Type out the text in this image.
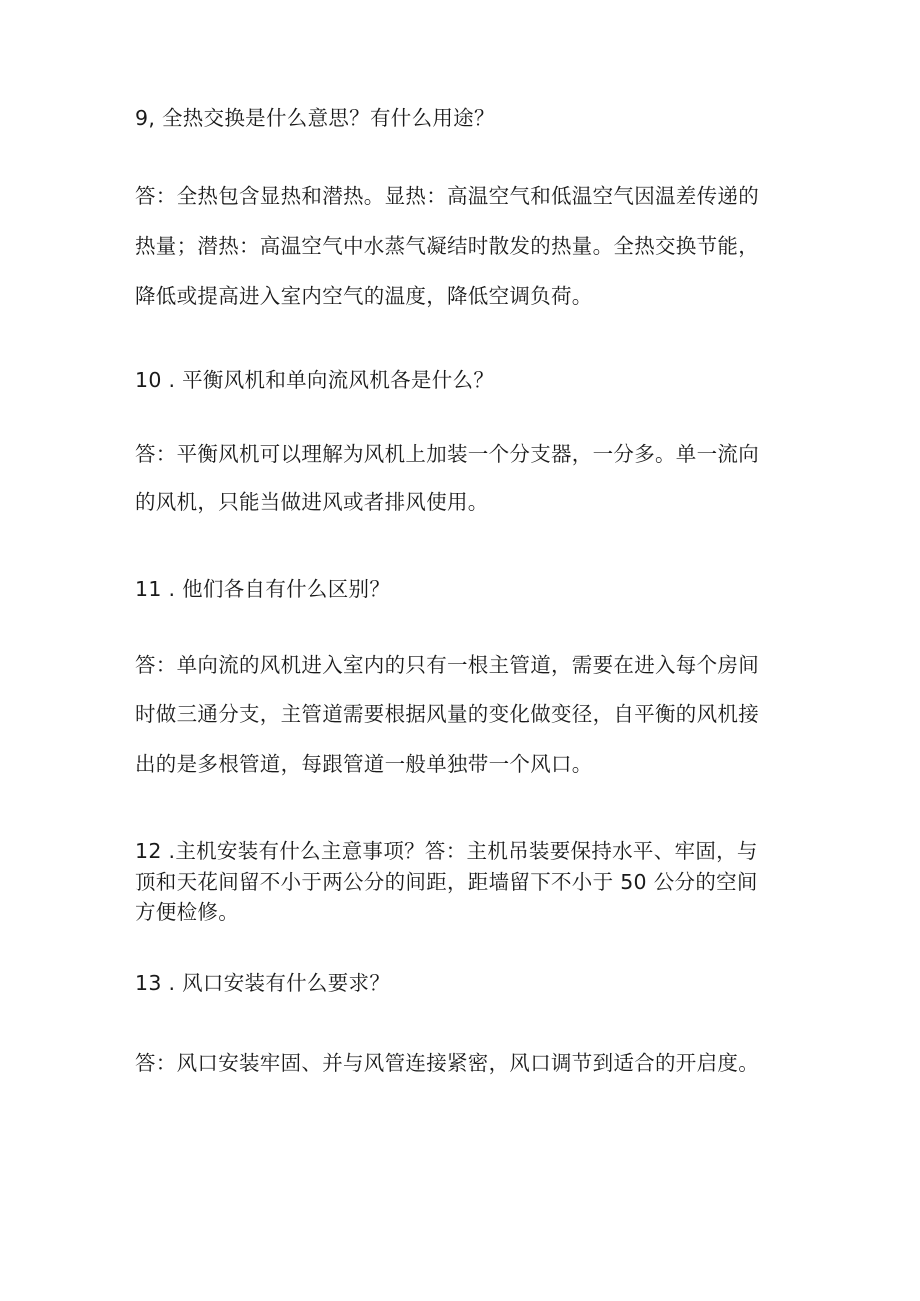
9, 全热交换是什么意思？有什么用途？
答：全热包含显热和潜热。显热：高温空气和低温空气因温差传递的
热量；潜热：高温空气中水蒸气凝结时散发的热量。全热交换节能，
降低或提高进入室内空气的温度，降低空调负荷。
10 . 平衡风机和单向流风机各是什么？
答：平衡风机可以理解为风机上加装一个分支器，一分多。单一流向
的风机，只能当做进风或者排风使用。
11 . 他们各自有什么区别？
答：单向流的风机进入室内的只有一根主管道，需要在进入每个房间
时做三通分支，主管道需要根据风量的变化做变径，自平衡的风机接
出的是多根管道，每跟管道一般单独带一个风口。
12 .主机安装有什么主意事项？答：主机吊装要保持水平、牢固，与
顶和天花间留不小于两公分的间距，距墙留下不小于 50 公分的空间
方便检修。
13 . 风口安装有什么要求？
答：风口安装牢固、并与风管连接紧密，风口调节到适合的开启度。
